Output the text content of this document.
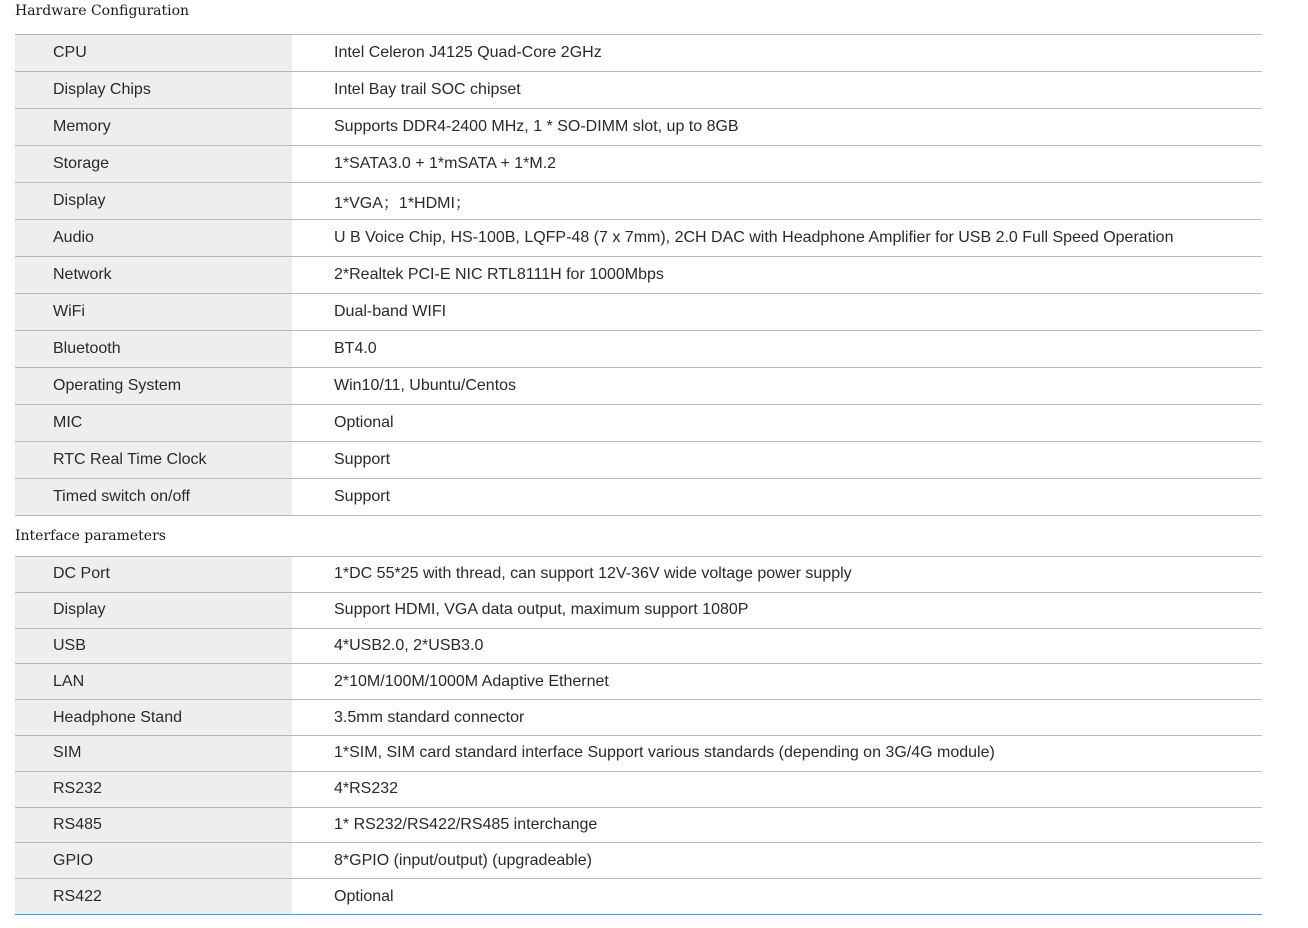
Hardware Configuration
CPU	Intel Celeron J4125 Quad-Core 2GHz
Display Chips	Intel Bay trail SOC chipset
Memory	Supports DDR4-2400 MHz, 1 * SO-DIMM slot, up to 8GB
Storage	1*SATA3.0 + 1*mSATA + 1*M.2
Display	1*VGA；1*HDMI；
Audio	U B Voice Chip, HS-100B, LQFP-48 (7 x 7mm), 2CH DAC with Headphone Amplifier for USB 2.0 Full Speed Operation
Network	2*Realtek PCI-E NIC RTL8111H for 1000Mbps
WiFi	Dual-band WIFI
Bluetooth	BT4.0
Operating System	Win10/11, Ubuntu/Centos
MIC	Optional
RTC Real Time Clock	Support
Timed switch on/off	Support
Interface parameters
DC Port	1*DC 55*25 with thread, can support 12V-36V wide voltage power supply
Display	Support HDMI, VGA data output, maximum support 1080P
USB	4*USB2.0, 2*USB3.0
LAN	2*10M/100M/1000M Adaptive Ethernet
Headphone Stand	3.5mm standard connector
SIM	1*SIM, SIM card standard interface Support various standards (depending on 3G/4G module)
RS232	4*RS232
RS485	1* RS232/RS422/RS485 interchange
GPIO	8*GPIO (input/output) (upgradeable)
RS422	Optional
